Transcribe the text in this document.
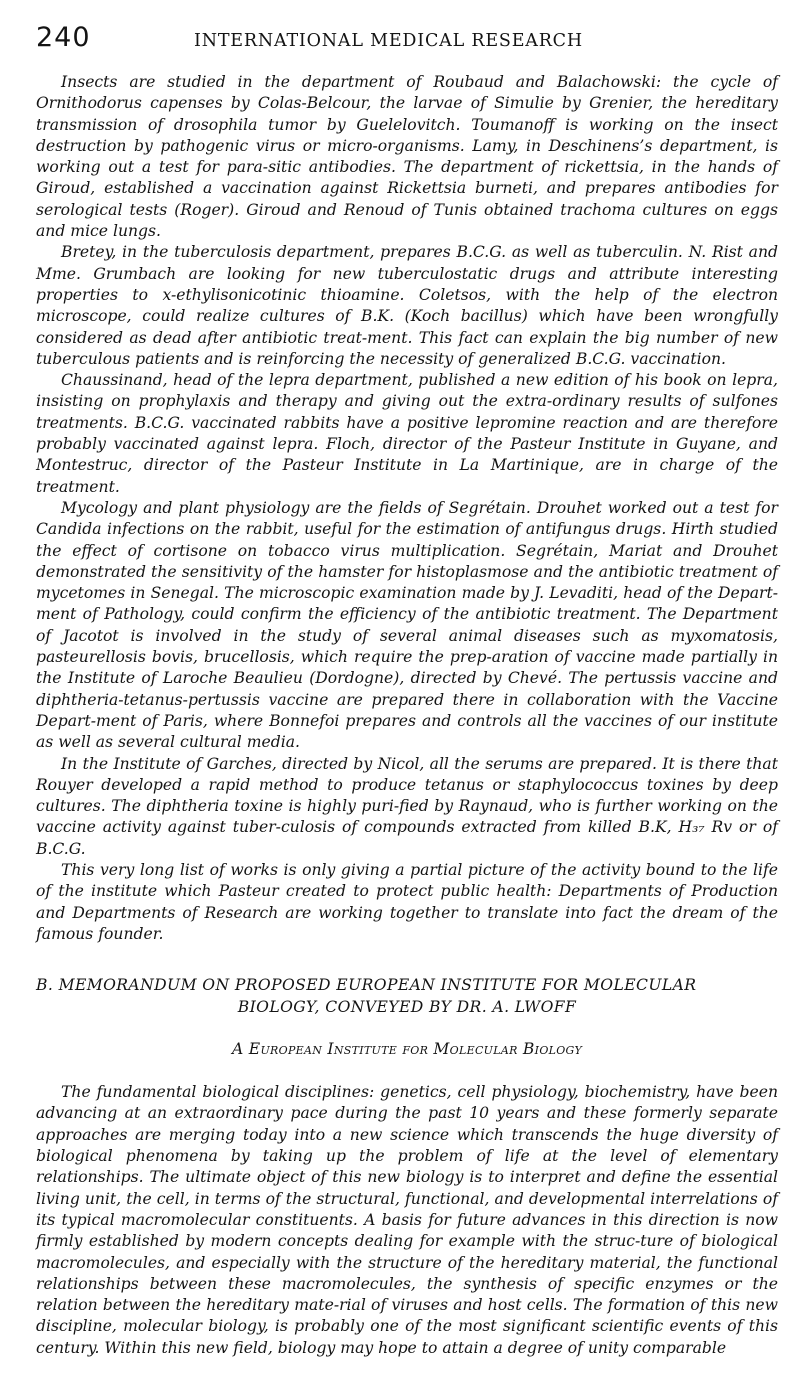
240	INTERNATIONAL MEDICAL RESEARCH

Insects are studied in the department of Roubaud and Balachowski: the cycle of Ornithodorus capenses by Colas-Belcour, the larvae of Simulie by Grenier, the hereditary transmission of drosophila tumor by Guelelovitch. Toumanoff is working on the insect destruction by pathogenic virus or micro-organisms. Lamy, in Deschinens’s department, is working out a test for para-sitic antibodies. The department of rickettsia, in the hands of Giroud, established a vaccination against Rickettsia burneti, and prepares antibodies for serological tests (Roger). Giroud and Renoud of Tunis obtained trachoma cultures on eggs and mice lungs.

Bretey, in the tuberculosis department, prepares B.C.G. as well as tuberculin. N. Rist and Mme. Grumbach are looking for new tuberculostatic drugs and attribute interesting properties to x-ethylisonicotinic thioamine. Coletsos, with the help of the electron microscope, could realize cultures of B.K. (Koch bacillus) which have been wrongfully considered as dead after antibiotic treat-ment. This fact can explain the big number of new tuberculous patients and is reinforcing the necessity of generalized B.C.G. vaccination.

Chaussinand, head of the lepra department, published a new edition of his book on lepra, insisting on prophylaxis and therapy and giving out the extra-ordinary results of sulfones treatments. B.C.G. vaccinated rabbits have a positive lepromine reaction and are therefore probably vaccinated against lepra. Floch, director of the Pasteur Institute in Guyane, and Montestruc, director of the Pasteur Institute in La Martinique, are in charge of the treatment.

Mycology and plant physiology are the fields of Segrétain. Drouhet worked out a test for Candida infections on the rabbit, useful for the estimation of antifungus drugs. Hirth studied the effect of cortisone on tobacco virus multiplication. Segrétain, Mariat and Drouhet demonstrated the sensitivity of the hamster for histoplasmose and the antibiotic treatment of mycetomes in Senegal. The microscopic examination made by J. Levaditi, head of the Depart-ment of Pathology, could confirm the efficiency of the antibiotic treatment. The Department of Jacotot is involved in the study of several animal diseases such as myxomatosis, pasteurellosis bovis, brucellosis, which require the prep-aration of vaccine made partially in the Institute of Laroche Beaulieu (Dordogne), directed by Chevé. The pertussis vaccine and diphtheria-tetanus-pertussis vaccine are prepared there in collaboration with the Vaccine Depart-ment of Paris, where Bonnefoi prepares and controls all the vaccines of our institute as well as several cultural media.

In the Institute of Garches, directed by Nicol, all the serums are prepared. It is there that Rouyer developed a rapid method to produce tetanus or staphylococcus toxines by deep cultures. The diphtheria toxine is highly puri-fied by Raynaud, who is further working on the vaccine activity against tuber-culosis of compounds extracted from killed B.K, H₃₇ Rv or of B.C.G.

This very long list of works is only giving a partial picture of the activity bound to the life of the institute which Pasteur created to protect public health: Departments of Production and Departments of Research are working together to translate into fact the dream of the famous founder.

B. MEMORANDUM ON PROPOSED EUROPEAN INSTITUTE FOR MOLECULAR
BIOLOGY, CONVEYED BY DR. A. LWOFF
A European Institute for Molecular Biology

The fundamental biological disciplines: genetics, cell physiology, biochemistry, have been advancing at an extraordinary pace during the past 10 years and these formerly separate approaches are merging today into a new science which transcends the huge diversity of biological phenomena by taking up the problem of life at the level of elementary relationships. The ultimate object of this new biology is to interpret and define the essential living unit, the cell, in terms of the structural, functional, and developmental interrelations of its typical macromolecular constituents. A basis for future advances in this direction is now firmly established by modern concepts dealing for example with the struc-ture of biological macromolecules, and especially with the structure of the hereditary material, the functional relationships between these macromolecules, the synthesis of specific enzymes or the relation between the hereditary mate-rial of viruses and host cells. The formation of this new discipline, molecular biology, is probably one of the most significant scientific events of this century. Within this new field, biology may hope to attain a degree of unity comparable
